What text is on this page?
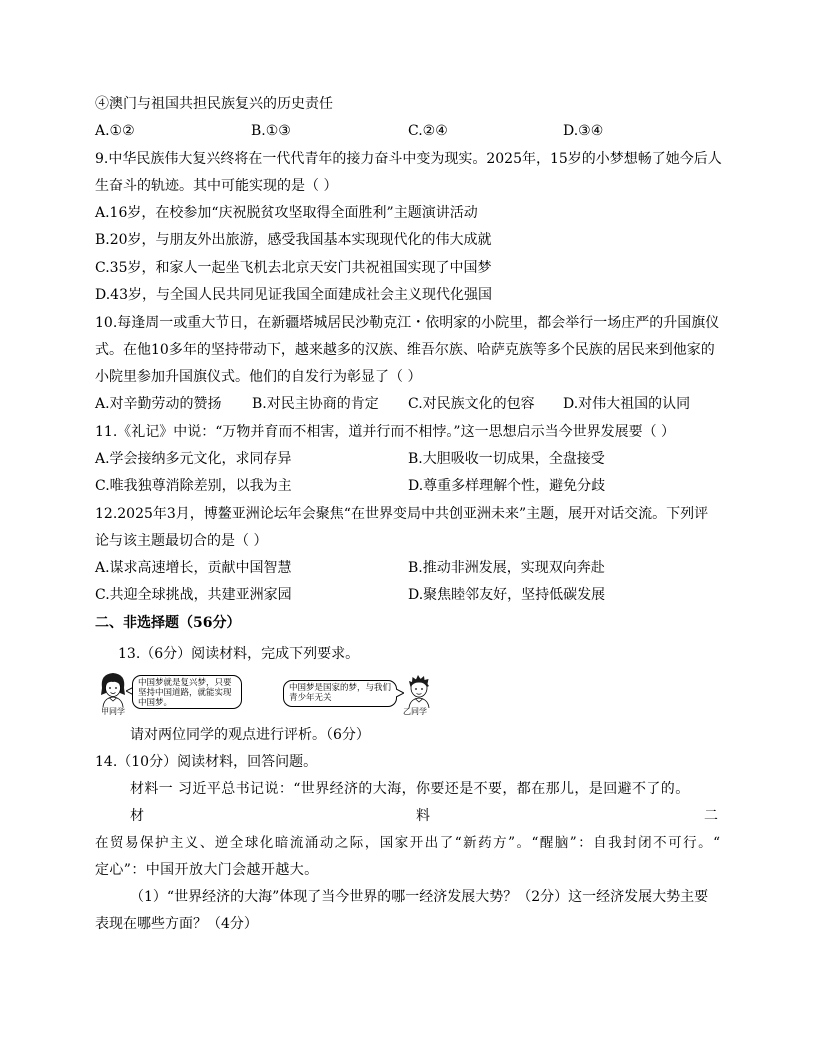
④澳门与祖国共担民族复兴的历史责任
A.①②	B.①③	C.②④	D.③④
9.中华民族伟大复兴终将在一代代青年的接力奋斗中变为现实。2025年，15岁的小梦想畅了她今后人
生奋斗的轨迹。其中可能实现的是（ ）
A.16岁，在校参加“庆祝脱贫攻坚取得全面胜利”主题演讲活动
B.20岁，与朋友外出旅游，感受我国基本实现现代化的伟大成就
C.35岁，和家人一起坐飞机去北京天安门共祝祖国实现了中国梦
D.43岁，与全国人民共同见证我国全面建成社会主义现代化强国
10.每逢周一或重大节日，在新疆塔城居民沙勒克江・依明家的小院里，都会举行一场庄严的升国旗仪
式。在他10多年的坚持带动下，越来越多的汉族、维吾尔族、哈萨克族等多个民族的居民来到他家的
小院里参加升国旗仪式。他们的自发行为彰显了（ ）
A.对辛勤劳动的赞扬 B.对民主协商的肯定 C.对民族文化的包容 D.对伟大祖国的认同
11.《礼记》中说：“万物并育而不相害，道并行而不相悖。”这一思想启示当今世界发展要（ ）
A.学会接纳多元文化，求同存异	B.大胆吸收一切成果，全盘接受
C.唯我独尊消除差别，以我为主	D.尊重多样理解个性，避免分歧
12.2025年3月，博鳌亚洲论坛年会聚焦“在世界变局中共创亚洲未来”主题，展开对话交流。下列评
论与该主题最切合的是（ ）
A.谋求高速增长，贡献中国智慧	B.推动非洲发展，实现双向奔赴
C.共迎全球挑战，共建亚洲家园	D.聚焦睦邻友好，坚持低碳发展
二、非选择题（56分）
13.（6分）阅读材料，完成下列要求。
甲同学
中国梦就是复兴梦，只要
坚持中国道路，就能实现
中国梦。
中国梦是国家的梦，与我们
青少年无关
乙同学
请对两位同学的观点进行评析。（6分）
14.（10分）阅读材料，回答问题。
材料一 习近平总书记说：“世界经济的大海，你要还是不要，都在那儿，是回避不了的。
材	料	二
在贸易保护主义、逆全球化暗流涌动之际，国家开出了“新药方”。“醒脑”：自我封闭不可行。“
定心”：中国开放大门会越开越大。
（1）“世界经济的大海”体现了当今世界的哪一经济发展大势？（2分）这一经济发展大势主要
表现在哪些方面？（4分）
